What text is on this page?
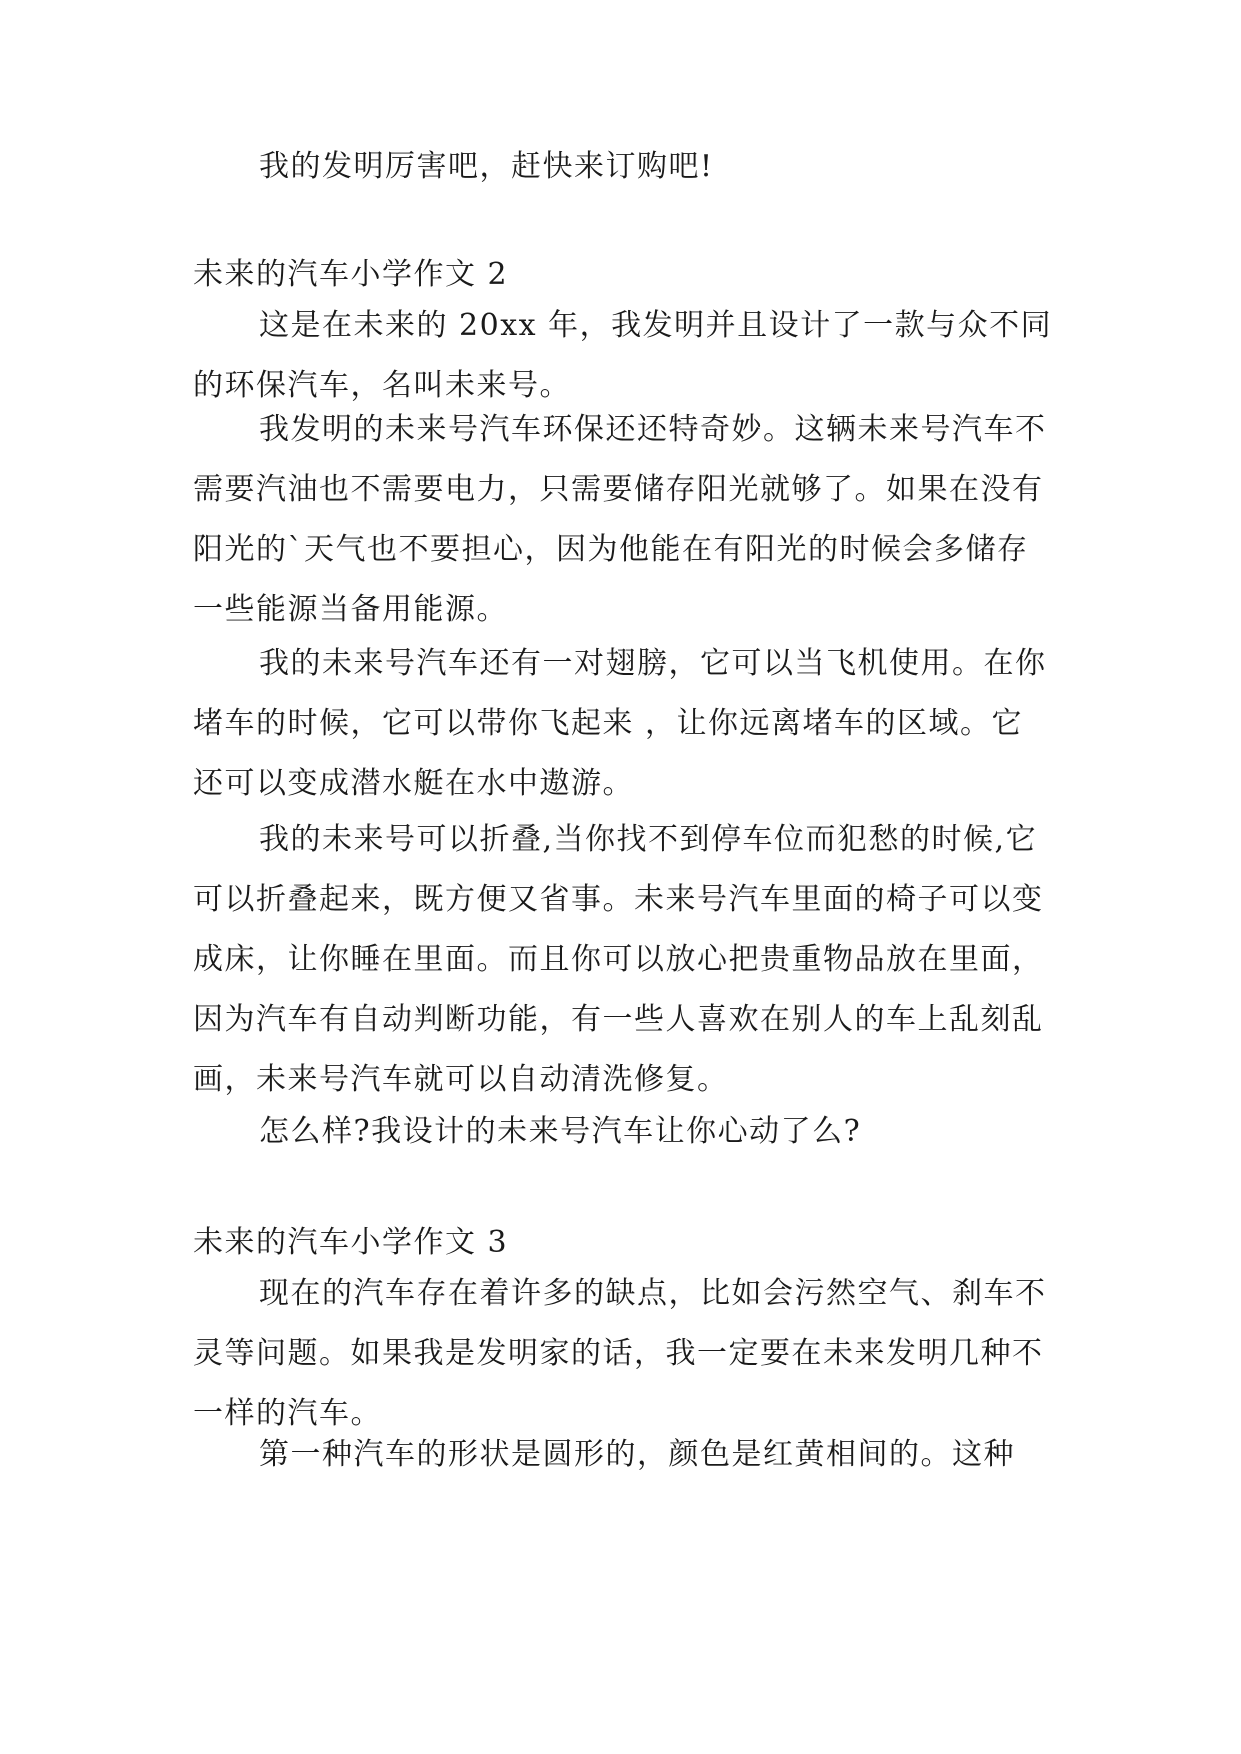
我的发明厉害吧，赶快来订购吧!

未来的汽车小学作文 2

这是在未来的 20xx 年，我发明并且设计了一款与众不同的环保汽车，名叫未来号。

我发明的未来号汽车环保还还特奇妙。这辆未来号汽车不需要汽油也不需要电力，只需要储存阳光就够了。如果在没有阳光的`天气也不要担心，因为他能在有阳光的时候会多储存一些能源当备用能源。

我的未来号汽车还有一对翅膀，它可以当飞机使用。在你堵车的时候，它可以带你飞起来 ，让你远离堵车的区域。它还可以变成潜水艇在水中遨游。

我的未来号可以折叠,当你找不到停车位而犯愁的时候,它可以折叠起来，既方便又省事。未来号汽车里面的椅子可以变成床，让你睡在里面。而且你可以放心把贵重物品放在里面，因为汽车有自动判断功能，有一些人喜欢在别人的车上乱刻乱画，未来号汽车就可以自动清洗修复。

怎么样?我设计的未来号汽车让你心动了么?

未来的汽车小学作文 3

现在的汽车存在着许多的缺点，比如会污然空气、刹车不灵等问题。如果我是发明家的话，我一定要在未来发明几种不一样的汽车。

第一种汽车的形状是圆形的，颜色是红黄相间的。这种
